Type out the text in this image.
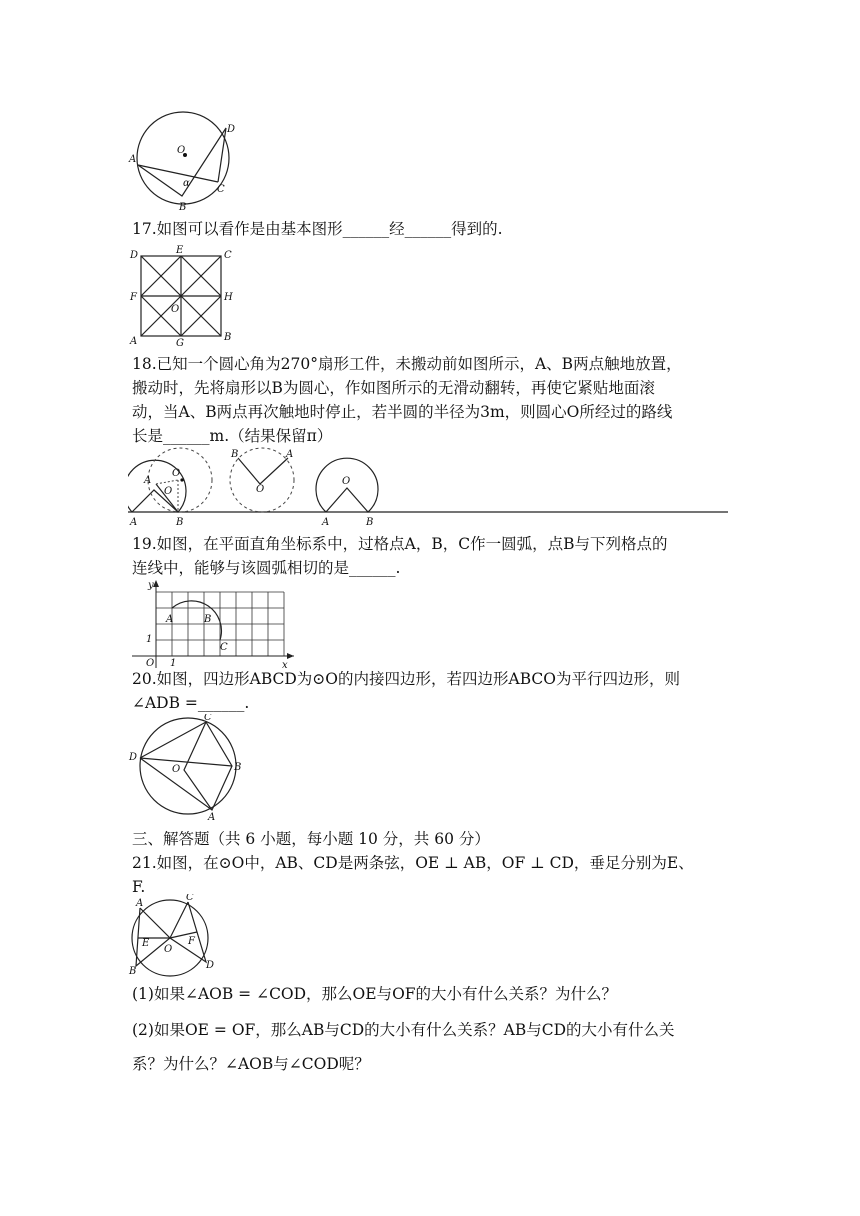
O
A
B
C
D
α
17.如图可以看作是由基本图形______经______得到的.
D	E	C
F	H
O
A	G
B
18.已知一个圆心角为270°扇形工件，未搬动前如图所示，A、B两点触地放置，
搬动时，先将扇形以B为圆心，作如图所示的无滑动翻转，再使它紧贴地面滚
动，当A、B两点再次触地时停止，若半圆的半径为3m，则圆心O所经过的路线
长是______m.（结果保留π）
A	B
A
O
O
B	A
O
O
A	B
19.如图，在平面直角坐标系中，过格点A，B，C作一圆弧，点B与下列格点的
连线中，能够与该圆弧相切的是______.
y
x
O 1
1
A	B
C
20.如图，四边形ABCD为⊙O的内接四边形，若四边形ABCO为平行四边形，则
∠ADB =______.
C
D
O	B
A
三、解答题（共 6 小题，每小题 10 分，共 60 分）
21.如图，在⊙O中，AB、CD是两条弦，OE ⊥ AB，OF ⊥ CD，垂足分别为E、
F.
A
C
E
O
F
B
D
(1)如果∠AOB = ∠COD，那么OE与OF的大小有什么关系？为什么？
(2)如果OE = OF，那么AB与CD的大小有什么关系？AB与CD的大小有什么关
系？为什么？∠AOB与∠COD呢？
